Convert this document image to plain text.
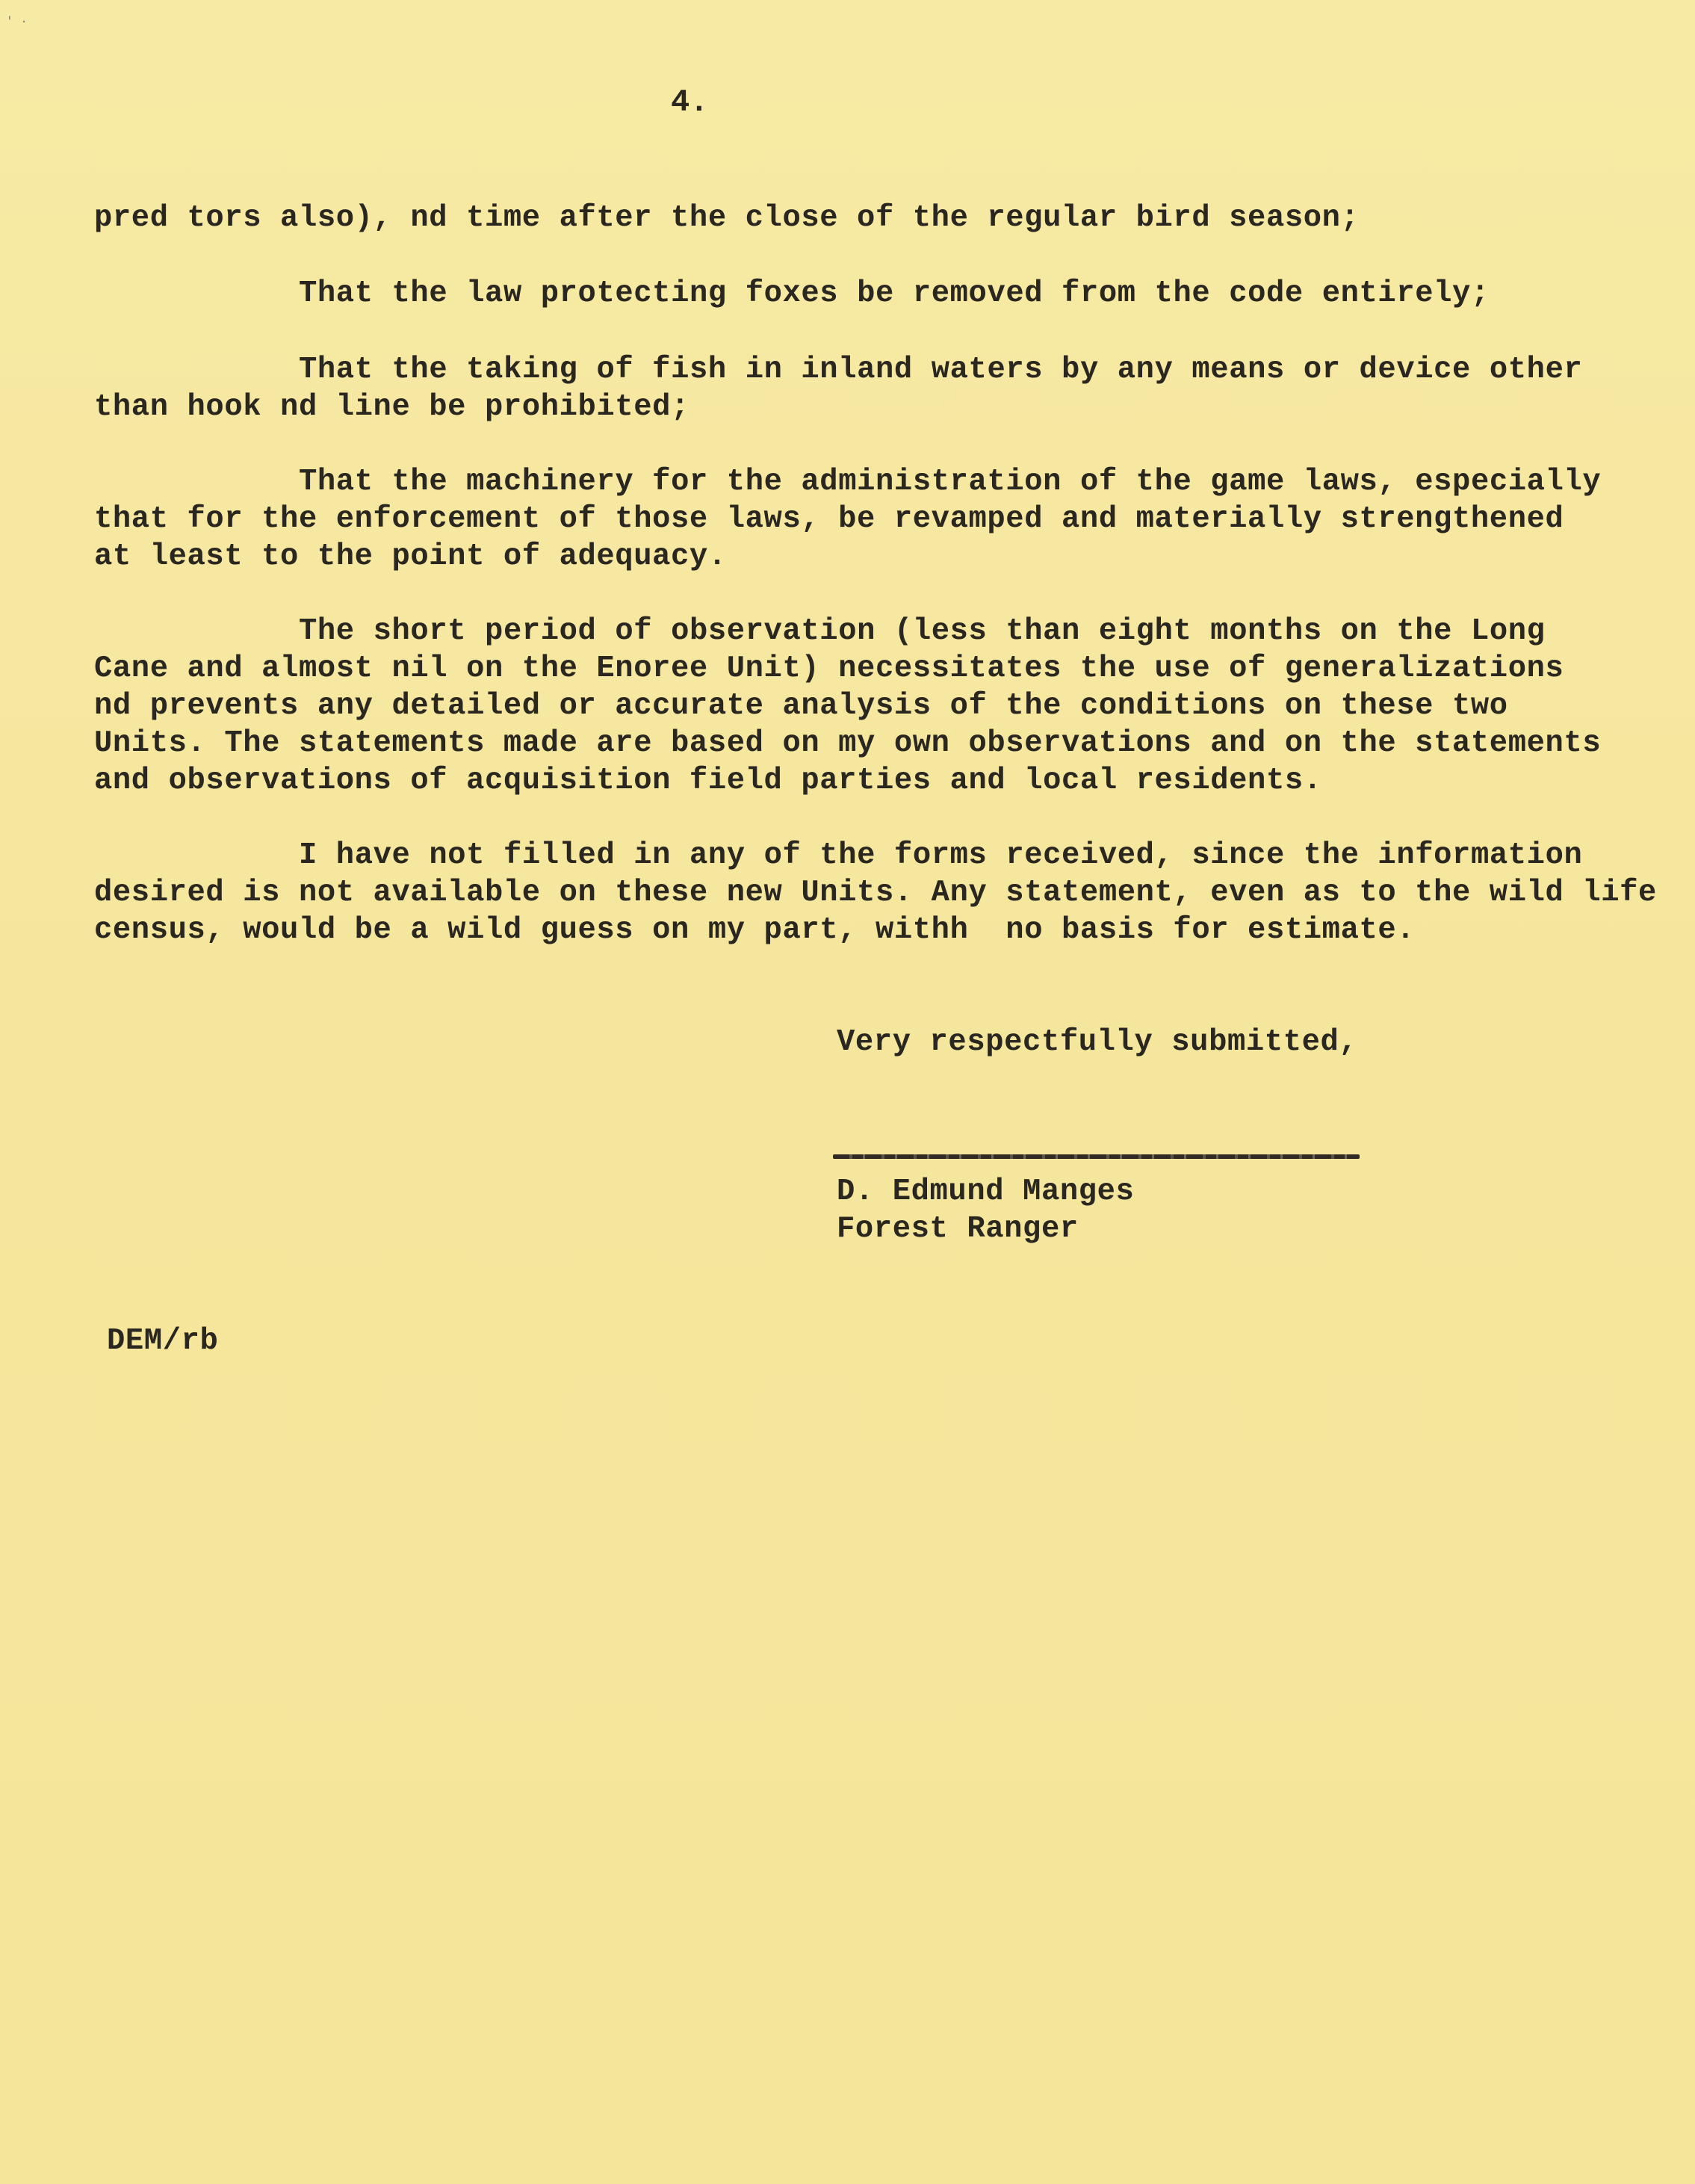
' ·
4.
pred tors also), nd time after the close of the regular bird season;
That the law protecting foxes be removed from the code entirely;
That the taking of fish in inland waters by any means or device other
than hook nd line be prohibited;
That the machinery for the administration of the game laws, especially
that for the enforcement of those laws, be revamped and materially strengthened
at least to the point of adequacy.
The short period of observation (less than eight months on the Long
Cane and almost nil on the Enoree Unit) necessitates the use of generalizations
nd prevents any detailed or accurate analysis of the conditions on these two
Units. The statements made are based on my own observations and on the statements
and observations of acquisition field parties and local residents.
I have not filled in any of the forms received, since the information
desired is not available on these new Units. Any statement, even as to the wild life
census, would be a wild guess on my part, withh  no basis for estimate.
Very respectfully submitted,
D. Edmund Manges
Forest Ranger
DEM/rb
